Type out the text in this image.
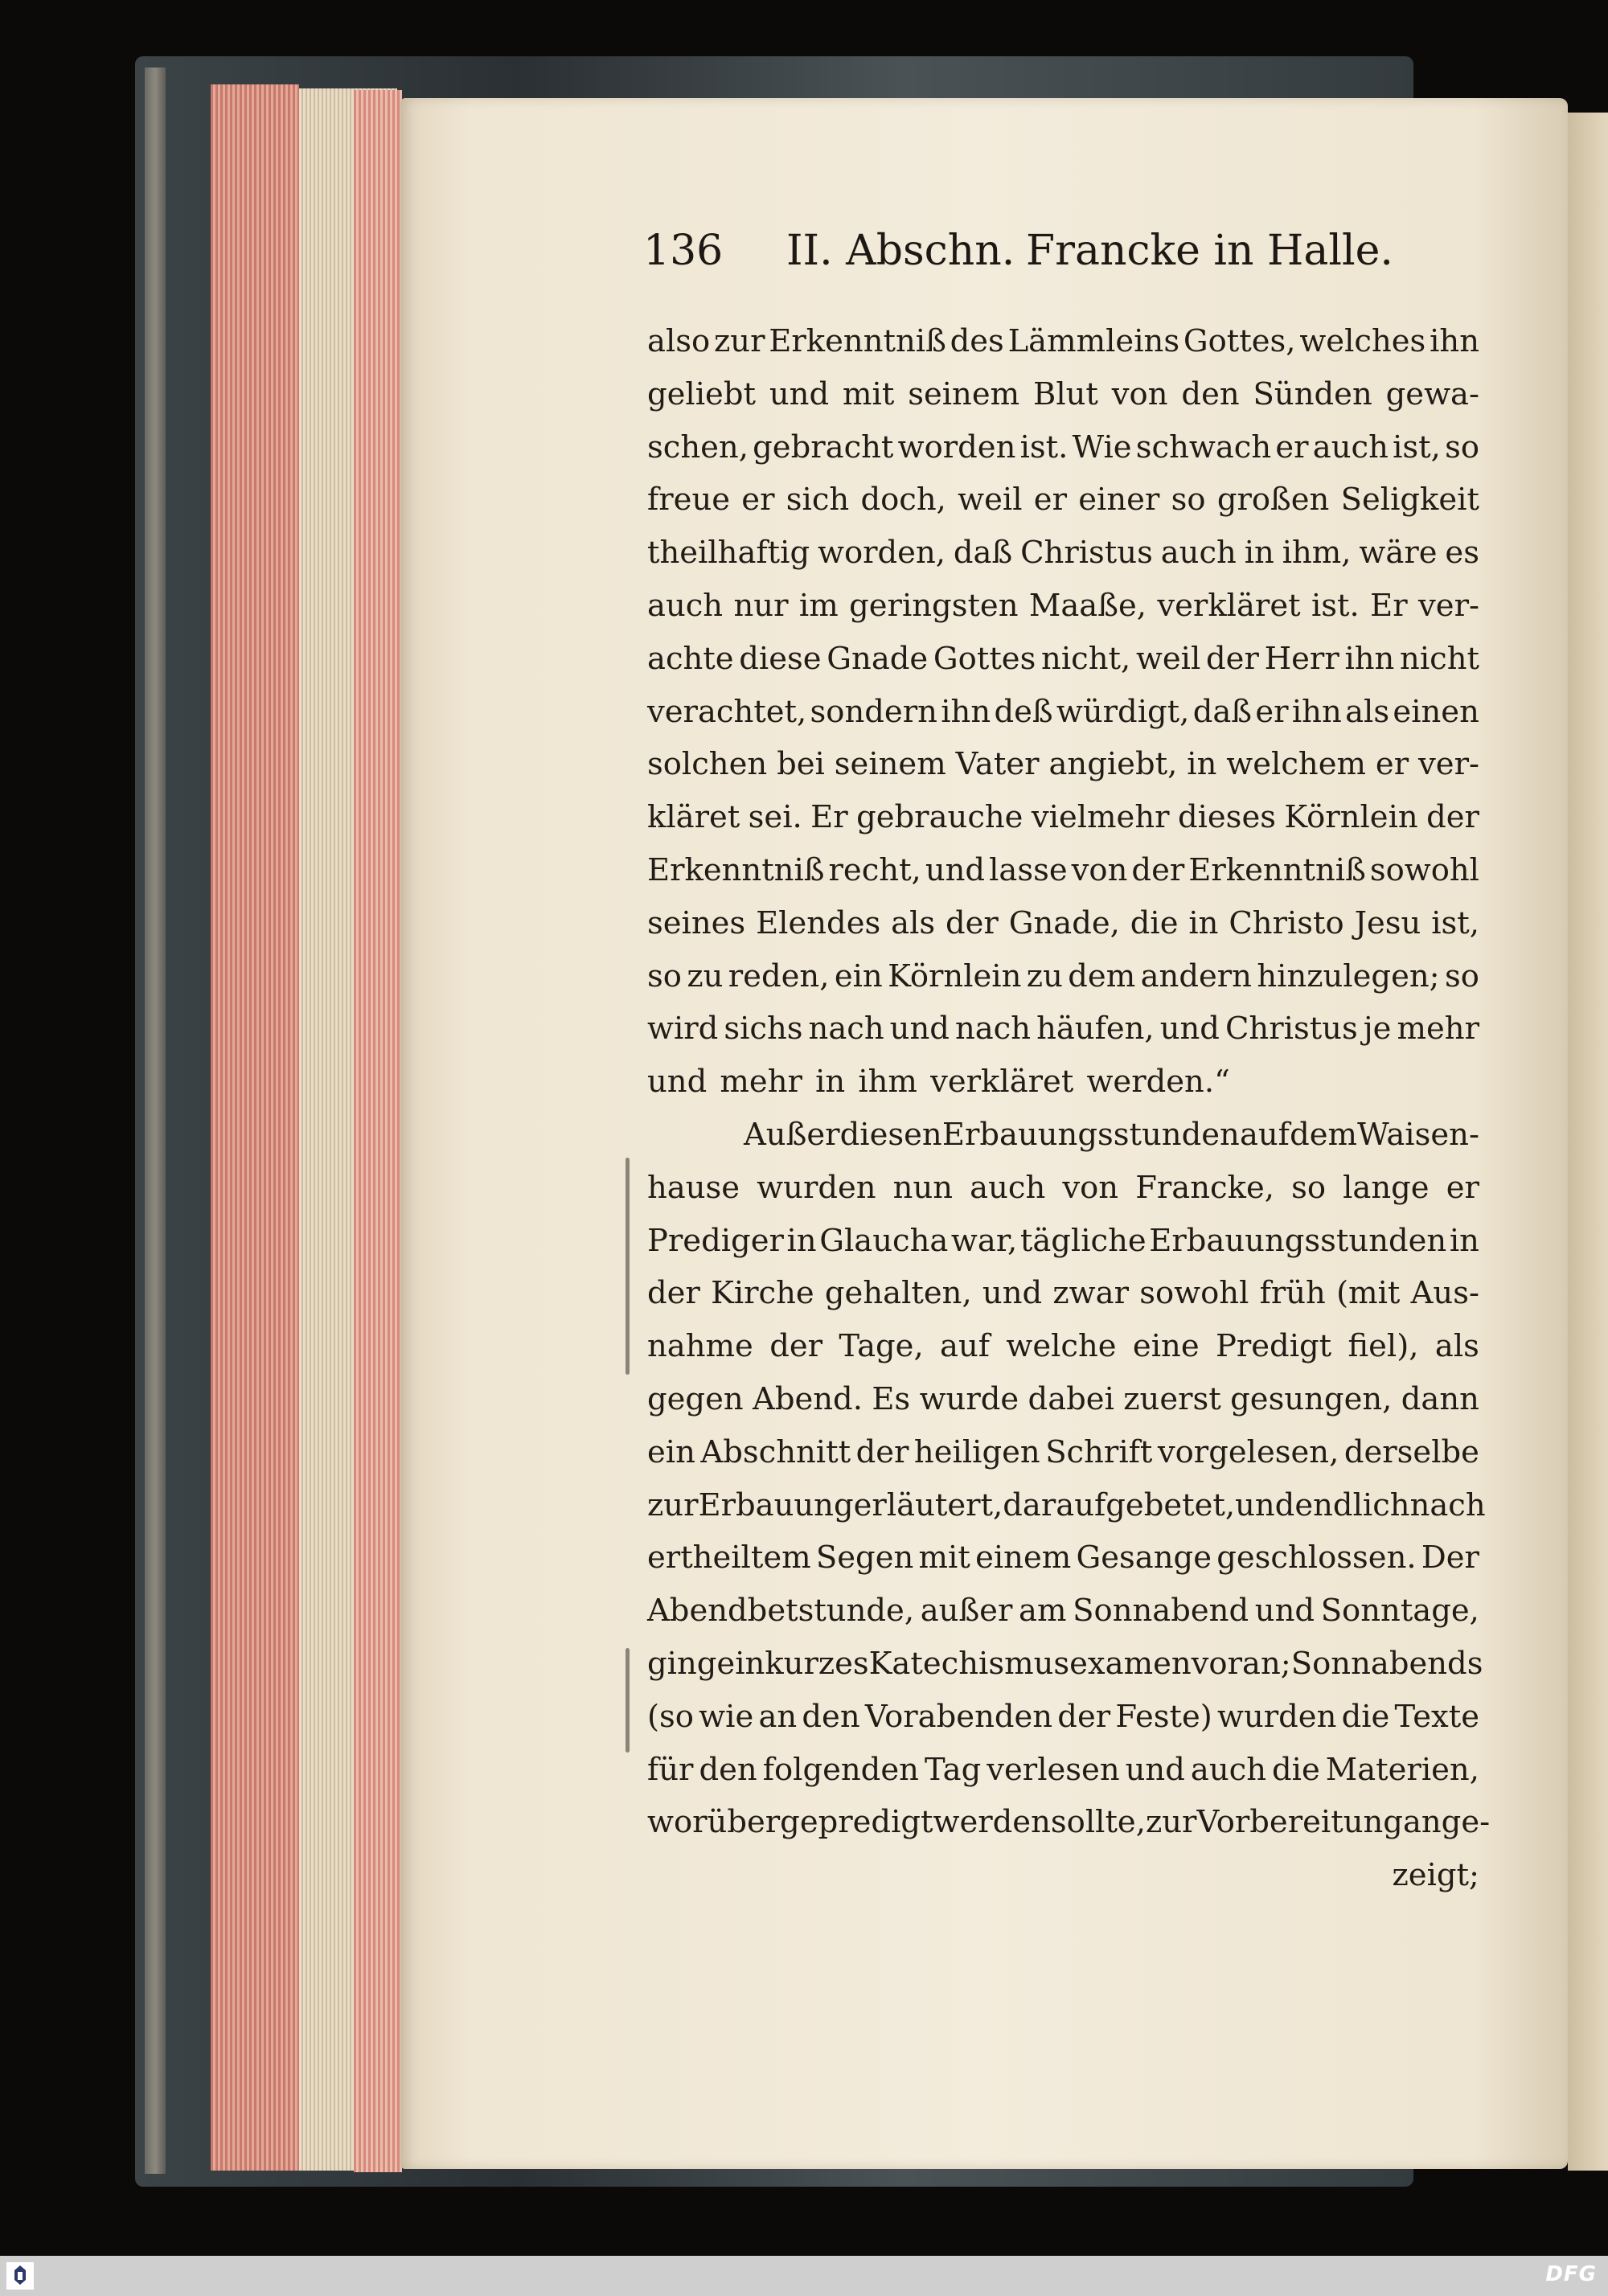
136 II. Abschn. Francke in Halle.
also zur Erkenntniß des Lämmleins Gottes, welches ihn
geliebt und mit seinem Blut von den Sünden gewa-
schen, gebracht worden ist. Wie schwach er auch ist, so
freue er sich doch, weil er einer so großen Seligkeit
theilhaftig worden, daß Christus auch in ihm, wäre es
auch nur im geringsten Maaße, verkläret ist. Er ver-
achte diese Gnade Gottes nicht, weil der Herr ihn nicht
verachtet, sondern ihn deß würdigt, daß er ihn als einen
solchen bei seinem Vater angiebt, in welchem er ver-
kläret sei. Er gebrauche vielmehr dieses Körnlein der
Erkenntniß recht, und lasse von der Erkenntniß sowohl
seines Elendes als der Gnade, die in Christo Jesu ist,
so zu reden, ein Körnlein zu dem andern hinzulegen; so
wird sichs nach und nach häufen, und Christus je mehr
und mehr in ihm verkläret werden.“
Außer diesen Erbauungsstunden auf dem Waisen-
hause wurden nun auch von Francke, so lange er
Prediger in Glaucha war, tägliche Erbauungsstunden in
der Kirche gehalten, und zwar sowohl früh (mit Aus-
nahme der Tage, auf welche eine Predigt fiel), als
gegen Abend. Es wurde dabei zuerst gesungen, dann
ein Abschnitt der heiligen Schrift vorgelesen, derselbe
zur Erbauung erläutert, darauf gebetet, und endlich nach
ertheiltem Segen mit einem Gesange geschlossen. Der
Abendbetstunde, außer am Sonnabend und Sonntage,
ging ein kurzes Katechismusexamen voran; Sonnabends
(so wie an den Vorabenden der Feste) wurden die Texte
für den folgenden Tag verlesen und auch die Materien,
worüber gepredigt werden sollte, zur Vorbereitung ange-
zeigt;
DFG
